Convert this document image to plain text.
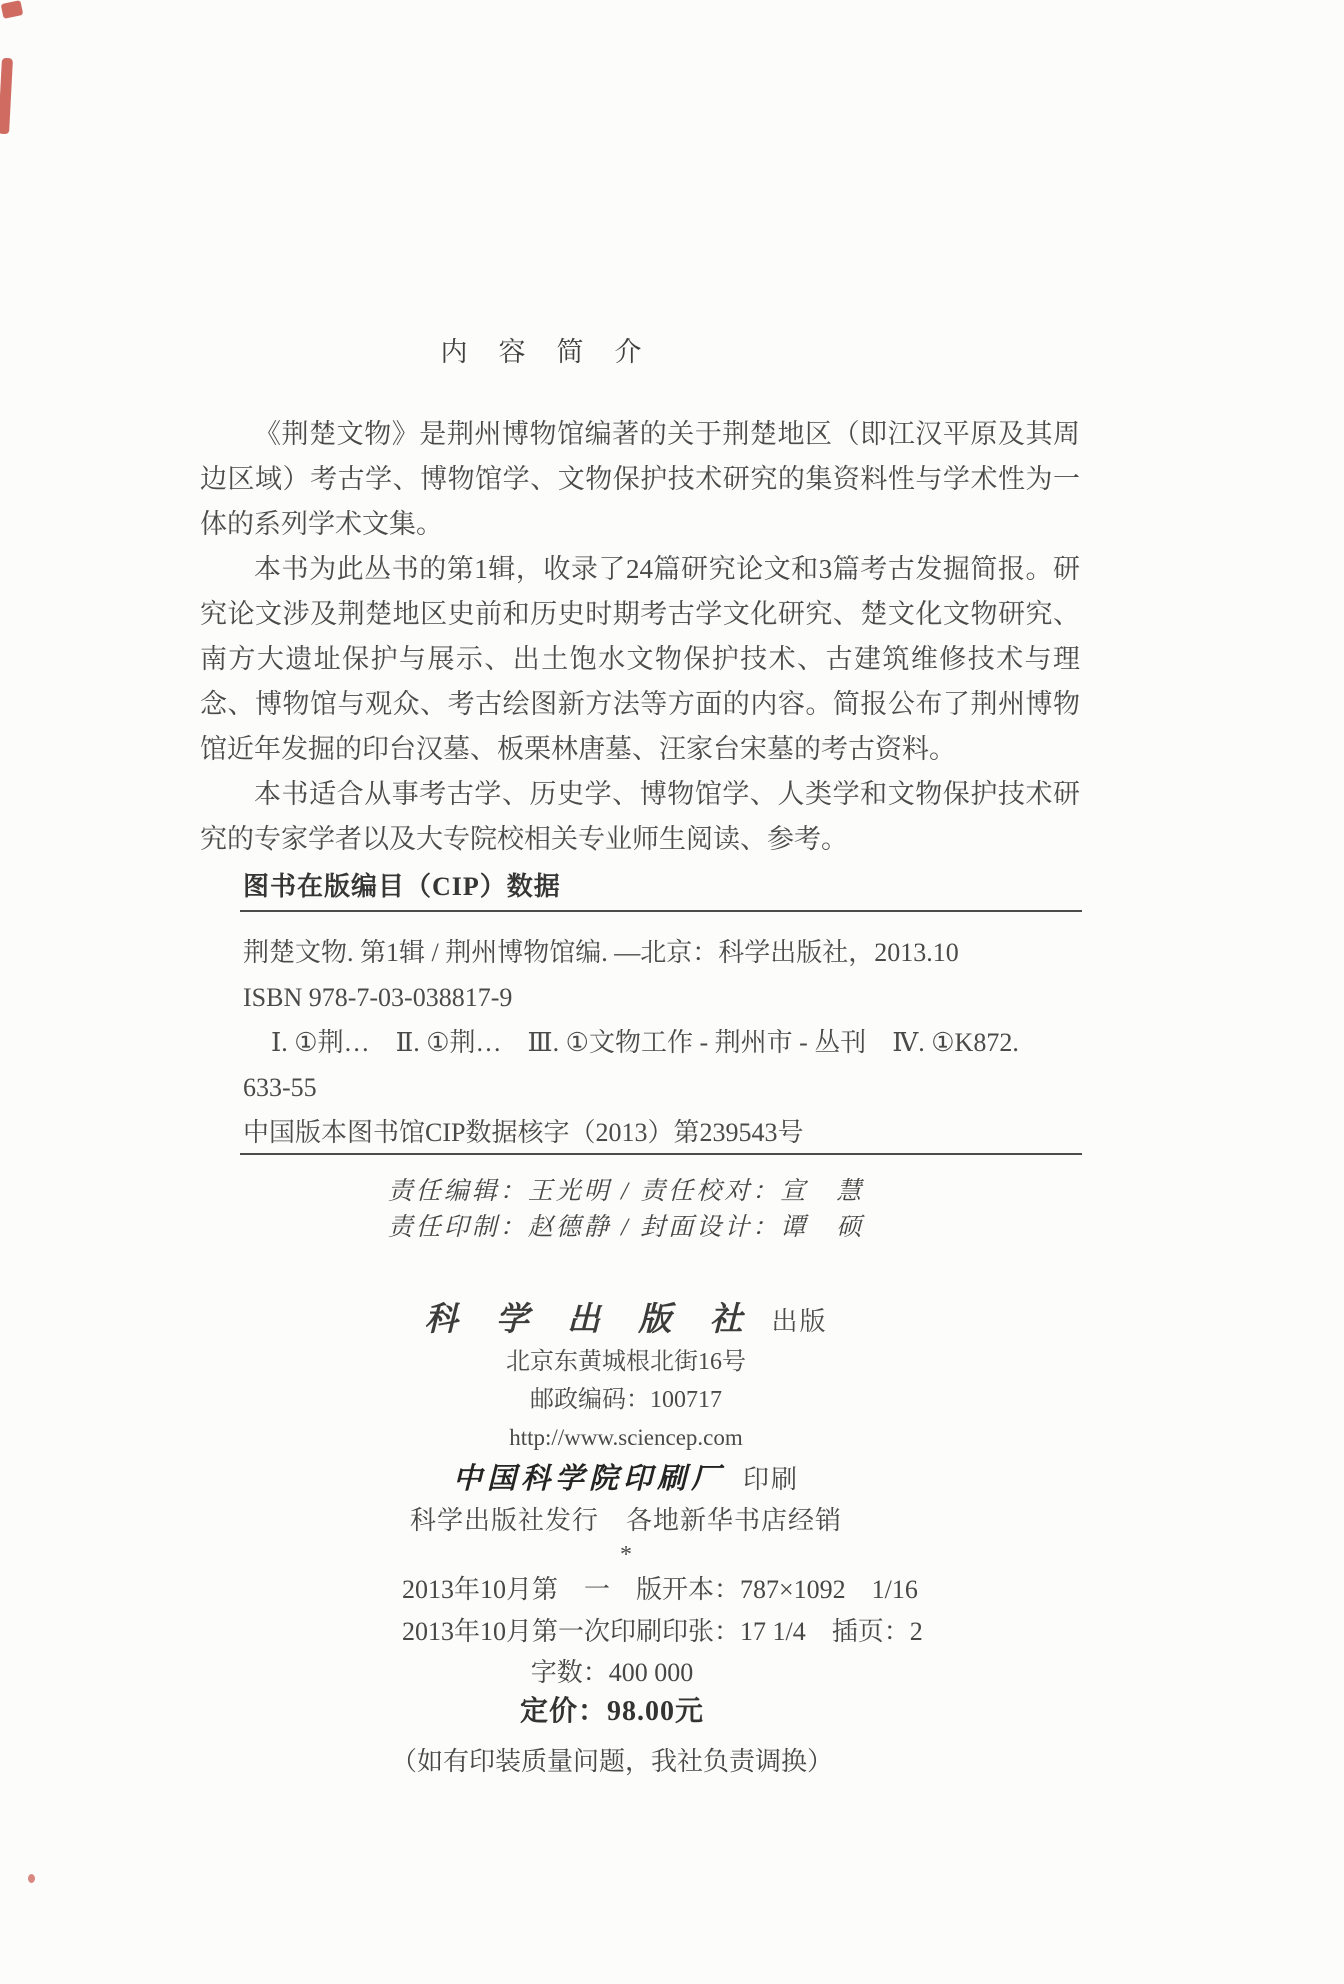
内　容　简　介
《荆楚文物》是荆州博物馆编著的关于荆楚地区（即江汉平原及其周
边区域）考古学、博物馆学、文物保护技术研究的集资料性与学术性为一
体的系列学术文集。
本书为此丛书的第1辑，收录了24篇研究论文和3篇考古发掘简报。研
究论文涉及荆楚地区史前和历史时期考古学文化研究、楚文化文物研究、
南方大遗址保护与展示、出土饱水文物保护技术、古建筑维修技术与理
念、博物馆与观众、考古绘图新方法等方面的内容。简报公布了荆州博物
馆近年发掘的印台汉墓、板栗林唐墓、汪家台宋墓的考古资料。
本书适合从事考古学、历史学、博物馆学、人类学和文物保护技术研
究的专家学者以及大专院校相关专业师生阅读、参考。
图书在版编目（CIP）数据
荆楚文物. 第1辑 / 荆州博物馆编. —北京：科学出版社，2013.10
ISBN 978-7-03-038817-9
Ⅰ. ①荆…　Ⅱ. ①荆…　Ⅲ. ①文物工作 - 荆州市 - 丛刊　Ⅳ. ①K872.
633-55
中国版本图书馆CIP数据核字（2013）第239543号
责任编辑：王光明 / 责任校对：宣　慧
责任印制：赵德静 / 封面设计：谭　硕
科 学 出 版 社 出版
北京东黄城根北街16号
邮政编码：100717
http://www.sciencep.com
中国科学院印刷厂 印刷
科学出版社发行　各地新华书店经销
*
2013年10月第　一　版 开本：787×1092　1/16
2013年10月第一次印刷 印张：17 1/4　插页：2
字数：400 000
定价：98.00元
（如有印装质量问题，我社负责调换）
